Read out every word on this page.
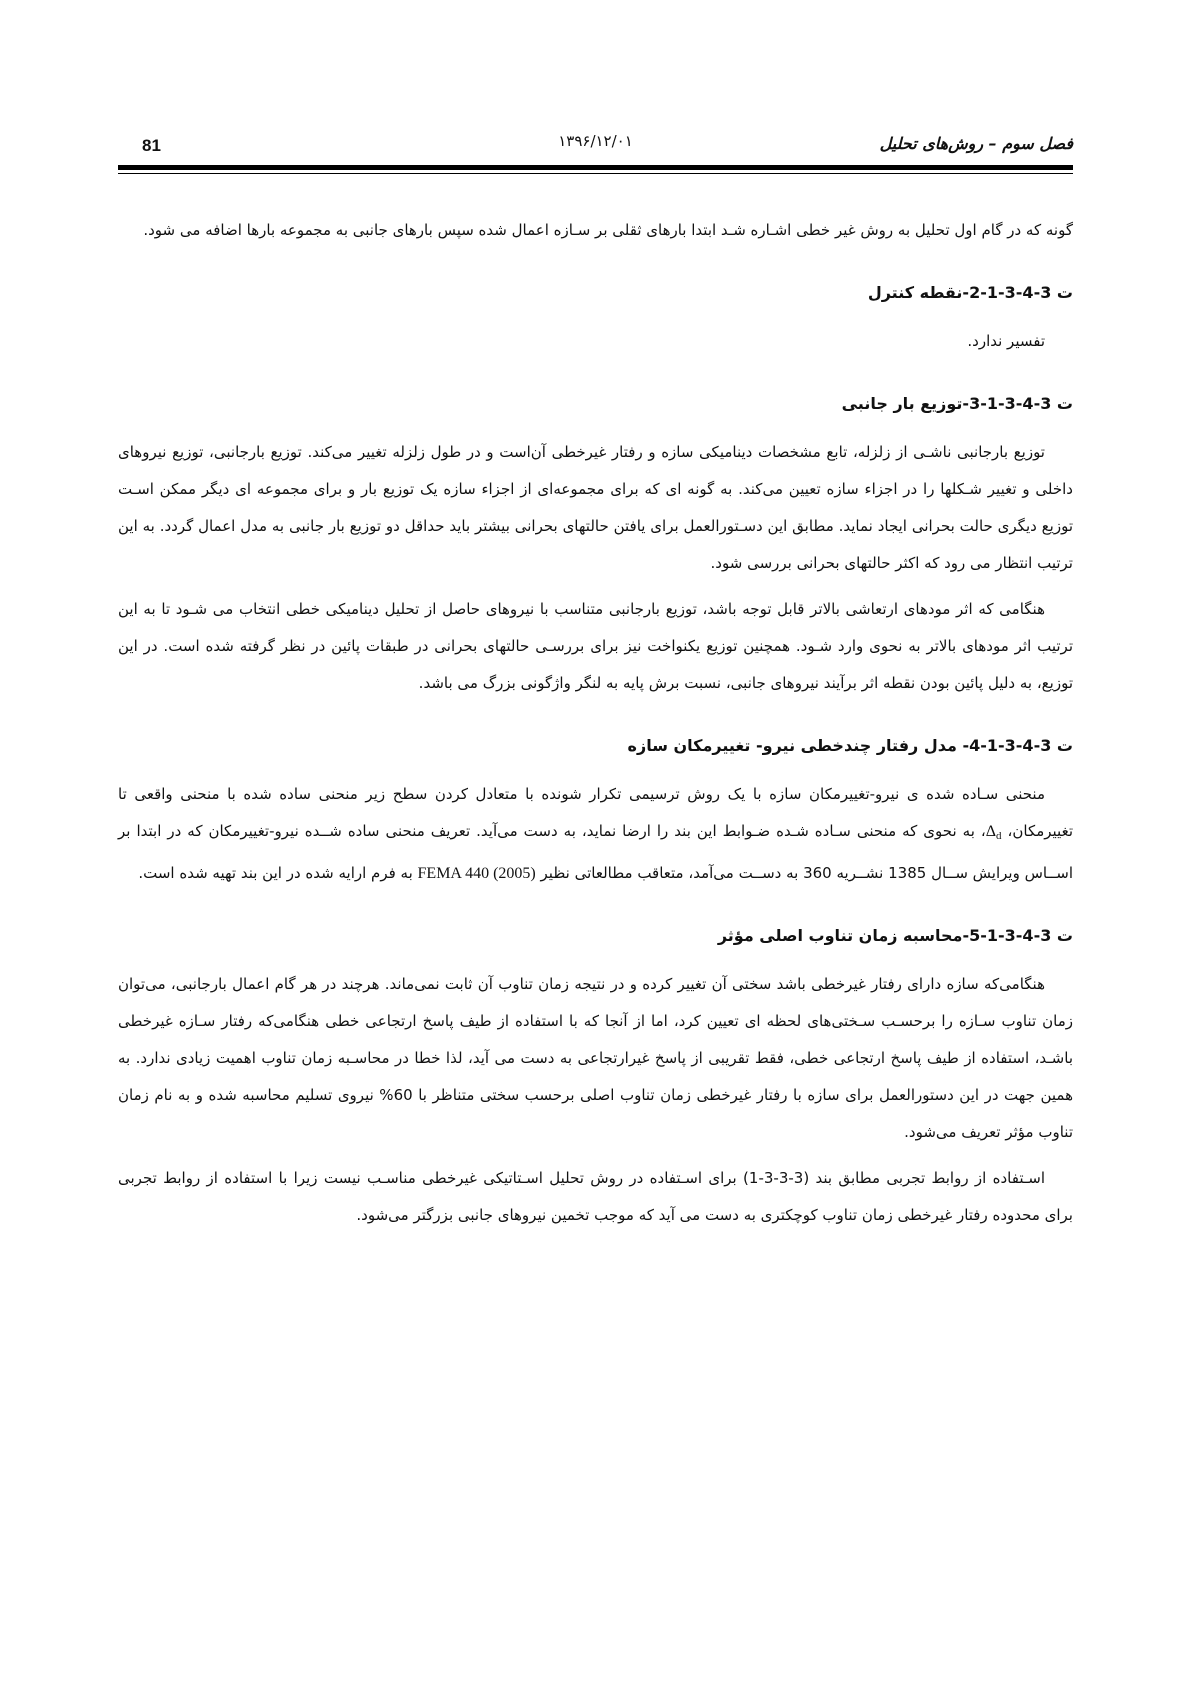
81	۱۳۹۶/۱۲/۰۱	فصل سوم – روش‌های تحلیل

گونه که در گام اول تحلیل به روش غیر خطی اشـاره شـد ابتدا بارهای ثقلی بر سـازه اعمال شده سپس بارهای جانبی به مجموعه بارها اضافه می شود.

ت 3-4-3-1-2-نقطه کنترل

تفسیر ندارد.

ت 3-4-3-1-3-توزیع بار جانبی

توزیع بارجانبی ناشـی از زلزله، تابع مشخصات دینامیکی سازه و رفتار غیرخطی آن‌است و در طول زلزله تغییر می‌کند. توزیع بارجانبی، توزیع نیروهای داخلی و تغییر شـکلها را در اجزاء سازه تعیین می‌کند. به گونه ای که برای مجموعه‌ای از اجزاء سازه یک توزیع بار و برای مجموعه ای دیگر ممکن اسـت توزیع دیگری حالت بحرانی ایجاد نماید. مطابق این دسـتورالعمل برای یافتن حالتهای بحرانی بیشتر باید حداقل دو توزیع بار جانبی به مدل اعمال گردد. به این ترتیب انتظار می رود که اکثر حالتهای بحرانی بررسی شود.

هنگامی که اثر مودهای ارتعاشی بالاتر قابل توجه باشد، توزیع بارجانبی متناسب با نیروهای حاصل از تحلیل دینامیکی خطی انتخاب می شـود تا به این ترتیب اثر مودهای بالاتر به نحوی وارد شـود. همچنین توزیع یکنواخت نیز برای بررسـی حالتهای بحرانی در طبقات پائین در نظر گرفته شده است. در این توزیع، به دلیل پائین بودن نقطه اثر برآیند نیروهای جانبی، نسبت برش پایه به لنگر واژگونی بزرگ می باشد.

ت 3-4-3-1-4- مدل رفتار چندخطی نیرو- تغییرمکان سازه

منحنی سـاده شده ی نیرو-تغییرمکان سازه با یک روش ترسیمی تکرار شونده با متعادل کردن سطح زیر منحنی ساده شده با منحنی واقعی تا تغییرمکان، $\Delta_d،$ به نحوی که منحنی سـاده شـده ضـوابط این بند را ارضا نماید، به دست می‌آید. تعریف منحنی ساده شــده نیرو-تغییرمکان که در ابتدا بر اســاس ویرایش ســال 1385 نشــریه 360 به دســت می‌آمد، متعاقب مطالعاتی نظیر FEMA 440 (2005) به فرم ارایه شده در این بند تهیه شده است.

ت 3-4-3-1-5-محاسبه زمان تناوب اصلی مؤثر

هنگامی‌که سازه دارای رفتار غیرخطی باشد سختی آن تغییر کرده و در نتیجه زمان تناوب آن ثابت نمی‌ماند. هرچند در هر گام اعمال بارجانبی، می‌توان زمان تناوب سـازه را برحسـب سـختی‌های لحظه ای تعیین کرد، اما از آنجا که با استفاده از طیف پاسخ ارتجاعی خطی هنگامی‌که رفتار سـازه غیرخطی باشـد، استفاده از طیف پاسخ ارتجاعی خطی، فقط تقریبی از پاسخ غیرارتجاعی به دست می آید، لذا خطا در محاسـبه زمان تناوب اهمیت زیادی ندارد. به همین جهت در این دستورالعمل برای سازه با رفتار غیرخطی زمان تناوب اصلی برحسب سختی متناظر با 60% نیروی تسلیم محاسبه شده و به نام زمان تناوب مؤثر تعریف می‌شود.

اسـتفاده از روابط تجربی مطابق بند (3-3-3-1) برای اسـتفاده در روش تحلیل اسـتاتیکی غیرخطی مناسـب نیست زیرا با استفاده از روابط تجربی برای محدوده رفتار غیرخطی زمان تناوب کوچکتری به دست می آید که موجب تخمین نیروهای جانبی بزرگتر می‌شود.
